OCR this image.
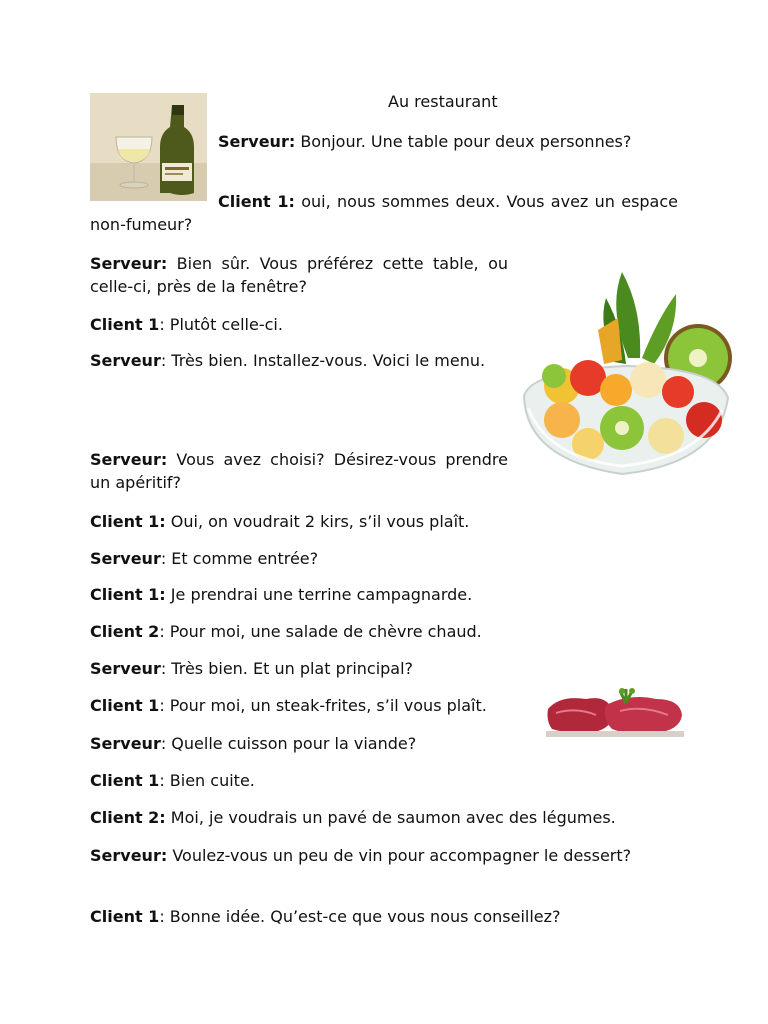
Au restaurant

Serveur: Bonjour. Une table pour deux personnes?

Client 1: oui, nous sommes deux. Vous avez un espace non-fumeur?

Serveur: Bien sûr. Vous préférez cette table, ou celle-ci, près de la fenêtre?

Client 1: Plutôt celle-ci.

Serveur: Très bien. Installez-vous. Voici le menu.

Serveur: Vous avez choisi? Désirez-vous prendre un apéritif?

Client 1: Oui, on voudrait 2 kirs, s’il vous plaît.

Serveur: Et comme entrée?

Client 1: Je prendrai une terrine campagnarde.

Client 2: Pour moi, une salade de chèvre chaud.

Serveur: Très bien. Et un plat principal?

Client 1: Pour moi, un steak-frites, s’il vous plaît.

Serveur: Quelle cuisson pour la viande?

Client 1: Bien cuite.

Client 2: Moi, je voudrais un pavé de saumon avec des légumes.

Serveur: Voulez-vous un peu de vin pour accompagner le dessert?

Client 1: Bonne idée. Qu’est-ce que vous nous conseillez?
